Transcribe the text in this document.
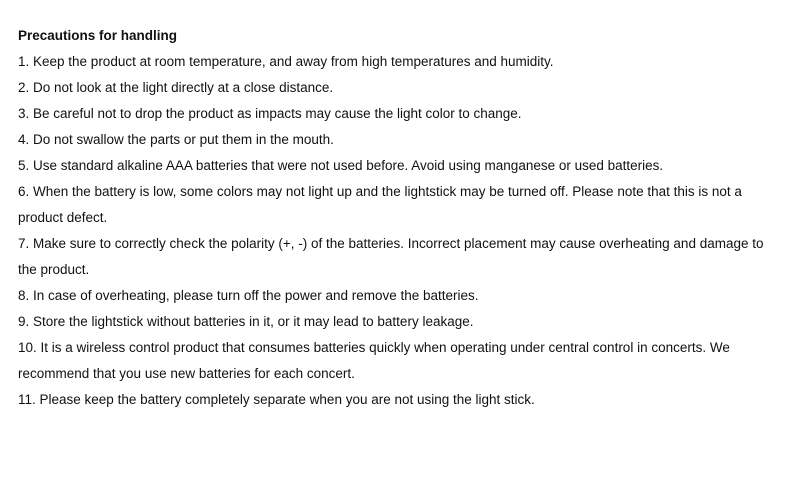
Precautions for handling

1. Keep the product at room temperature, and away from high temperatures and humidity.
2. Do not look at the light directly at a close distance.
3. Be careful not to drop the product as impacts may cause the light color to change.
4. Do not swallow the parts or put them in the mouth.
5. Use standard alkaline AAA batteries that were not used before. Avoid using manganese or used batteries.
6. When the battery is low, some colors may not light up and the lightstick may be turned off. Please note that this is not a product defect.
7. Make sure to correctly check the polarity (+, -) of the batteries. Incorrect placement may cause overheating and damage to the product.
8. In case of overheating, please turn off the power and remove the batteries.
9. Store the lightstick without batteries in it, or it may lead to battery leakage.
10. It is a wireless control product that consumes batteries quickly when operating under central control in concerts. We recommend that you use new batteries for each concert.
11. Please keep the battery completely separate when you are not using the light stick.
